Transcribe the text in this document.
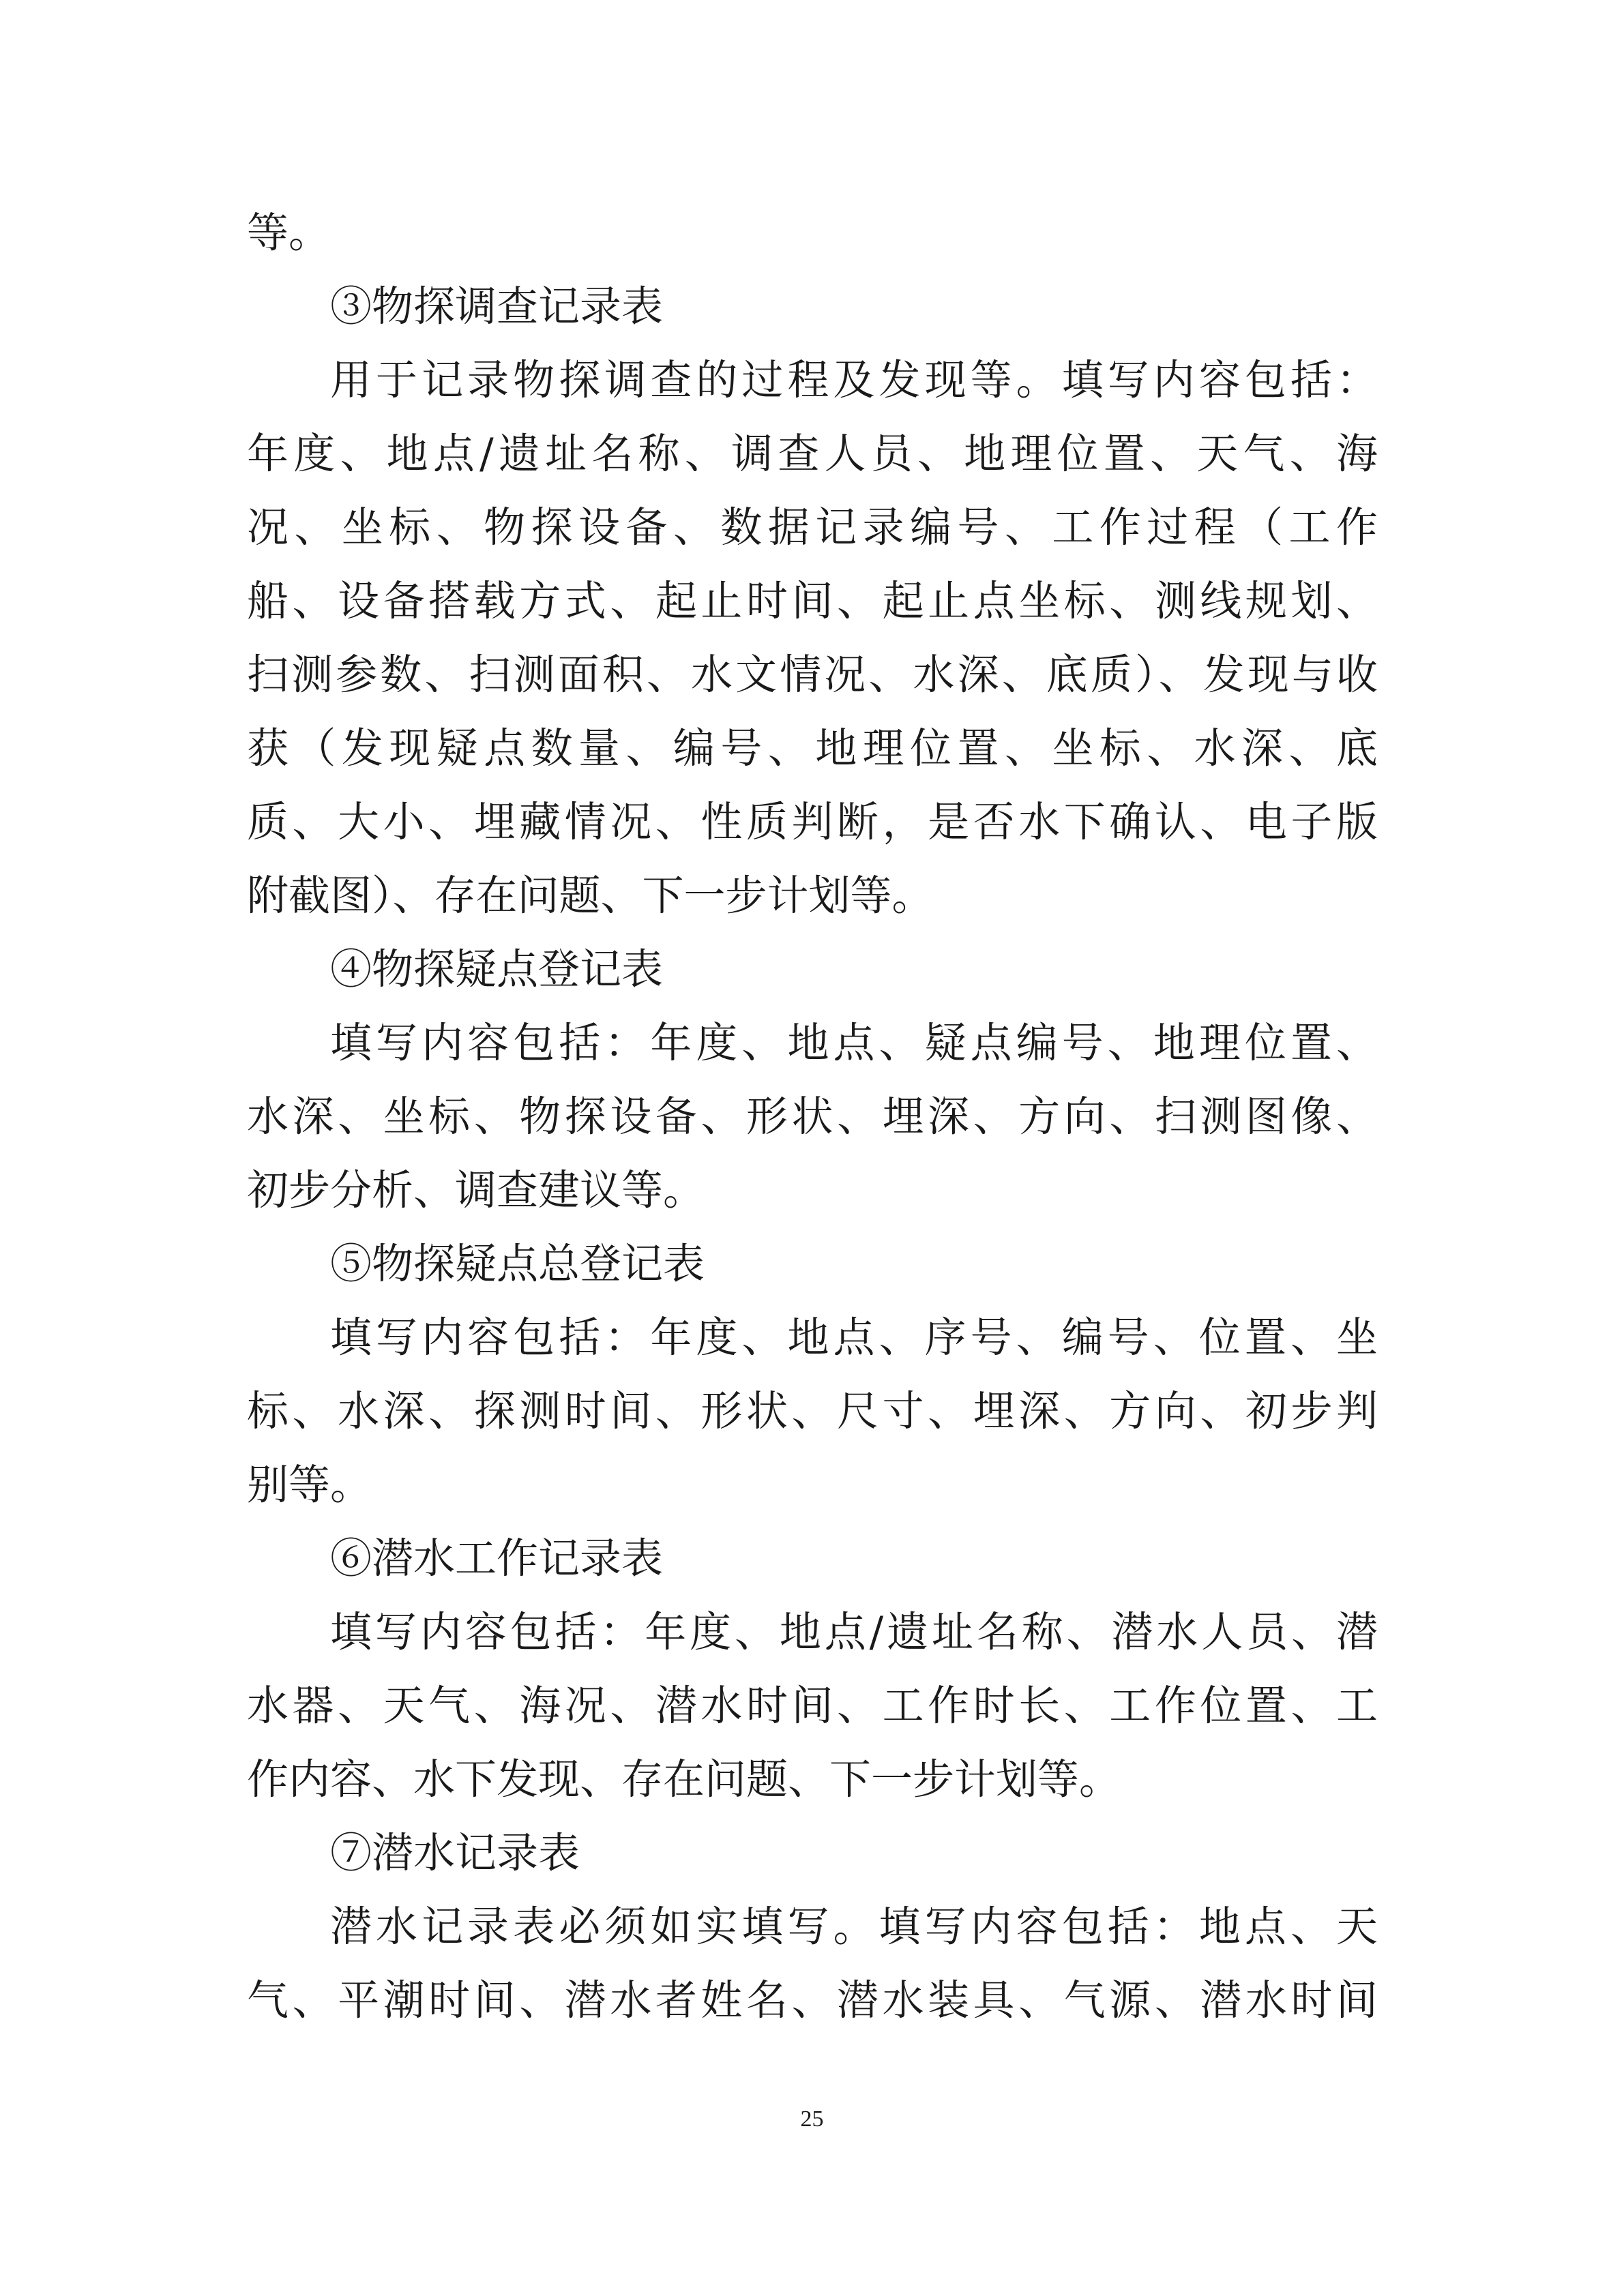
等。
③物探调查记录表
用于记录物探调查的过程及发现等。填写内容包括：
年度、地点/遗址名称、调查人员、地理位置、天气、海
况、坐标、物探设备、数据记录编号、工作过程（工作
船、设备搭载方式、起止时间、起止点坐标、测线规划、
扫测参数、扫测面积、水文情况、水深、底质）、发现与收
获（发现疑点数量、编号、地理位置、坐标、水深、底
质、大小、埋藏情况、性质判断，是否水下确认、电子版
附截图）、存在问题、下一步计划等。
④物探疑点登记表
填写内容包括：年度、地点、疑点编号、地理位置、
水深、坐标、物探设备、形状、埋深、方向、扫测图像、
初步分析、调查建议等。
⑤物探疑点总登记表
填写内容包括：年度、地点、序号、编号、位置、坐
标、水深、探测时间、形状、尺寸、埋深、方向、初步判
别等。
⑥潜水工作记录表
填写内容包括：年度、地点/遗址名称、潜水人员、潜
水器、天气、海况、潜水时间、工作时长、工作位置、工
作内容、水下发现、存在问题、下一步计划等。
⑦潜水记录表
潜水记录表必须如实填写。填写内容包括：地点、天
气、平潮时间、潜水者姓名、潜水装具、气源、潜水时间
25
